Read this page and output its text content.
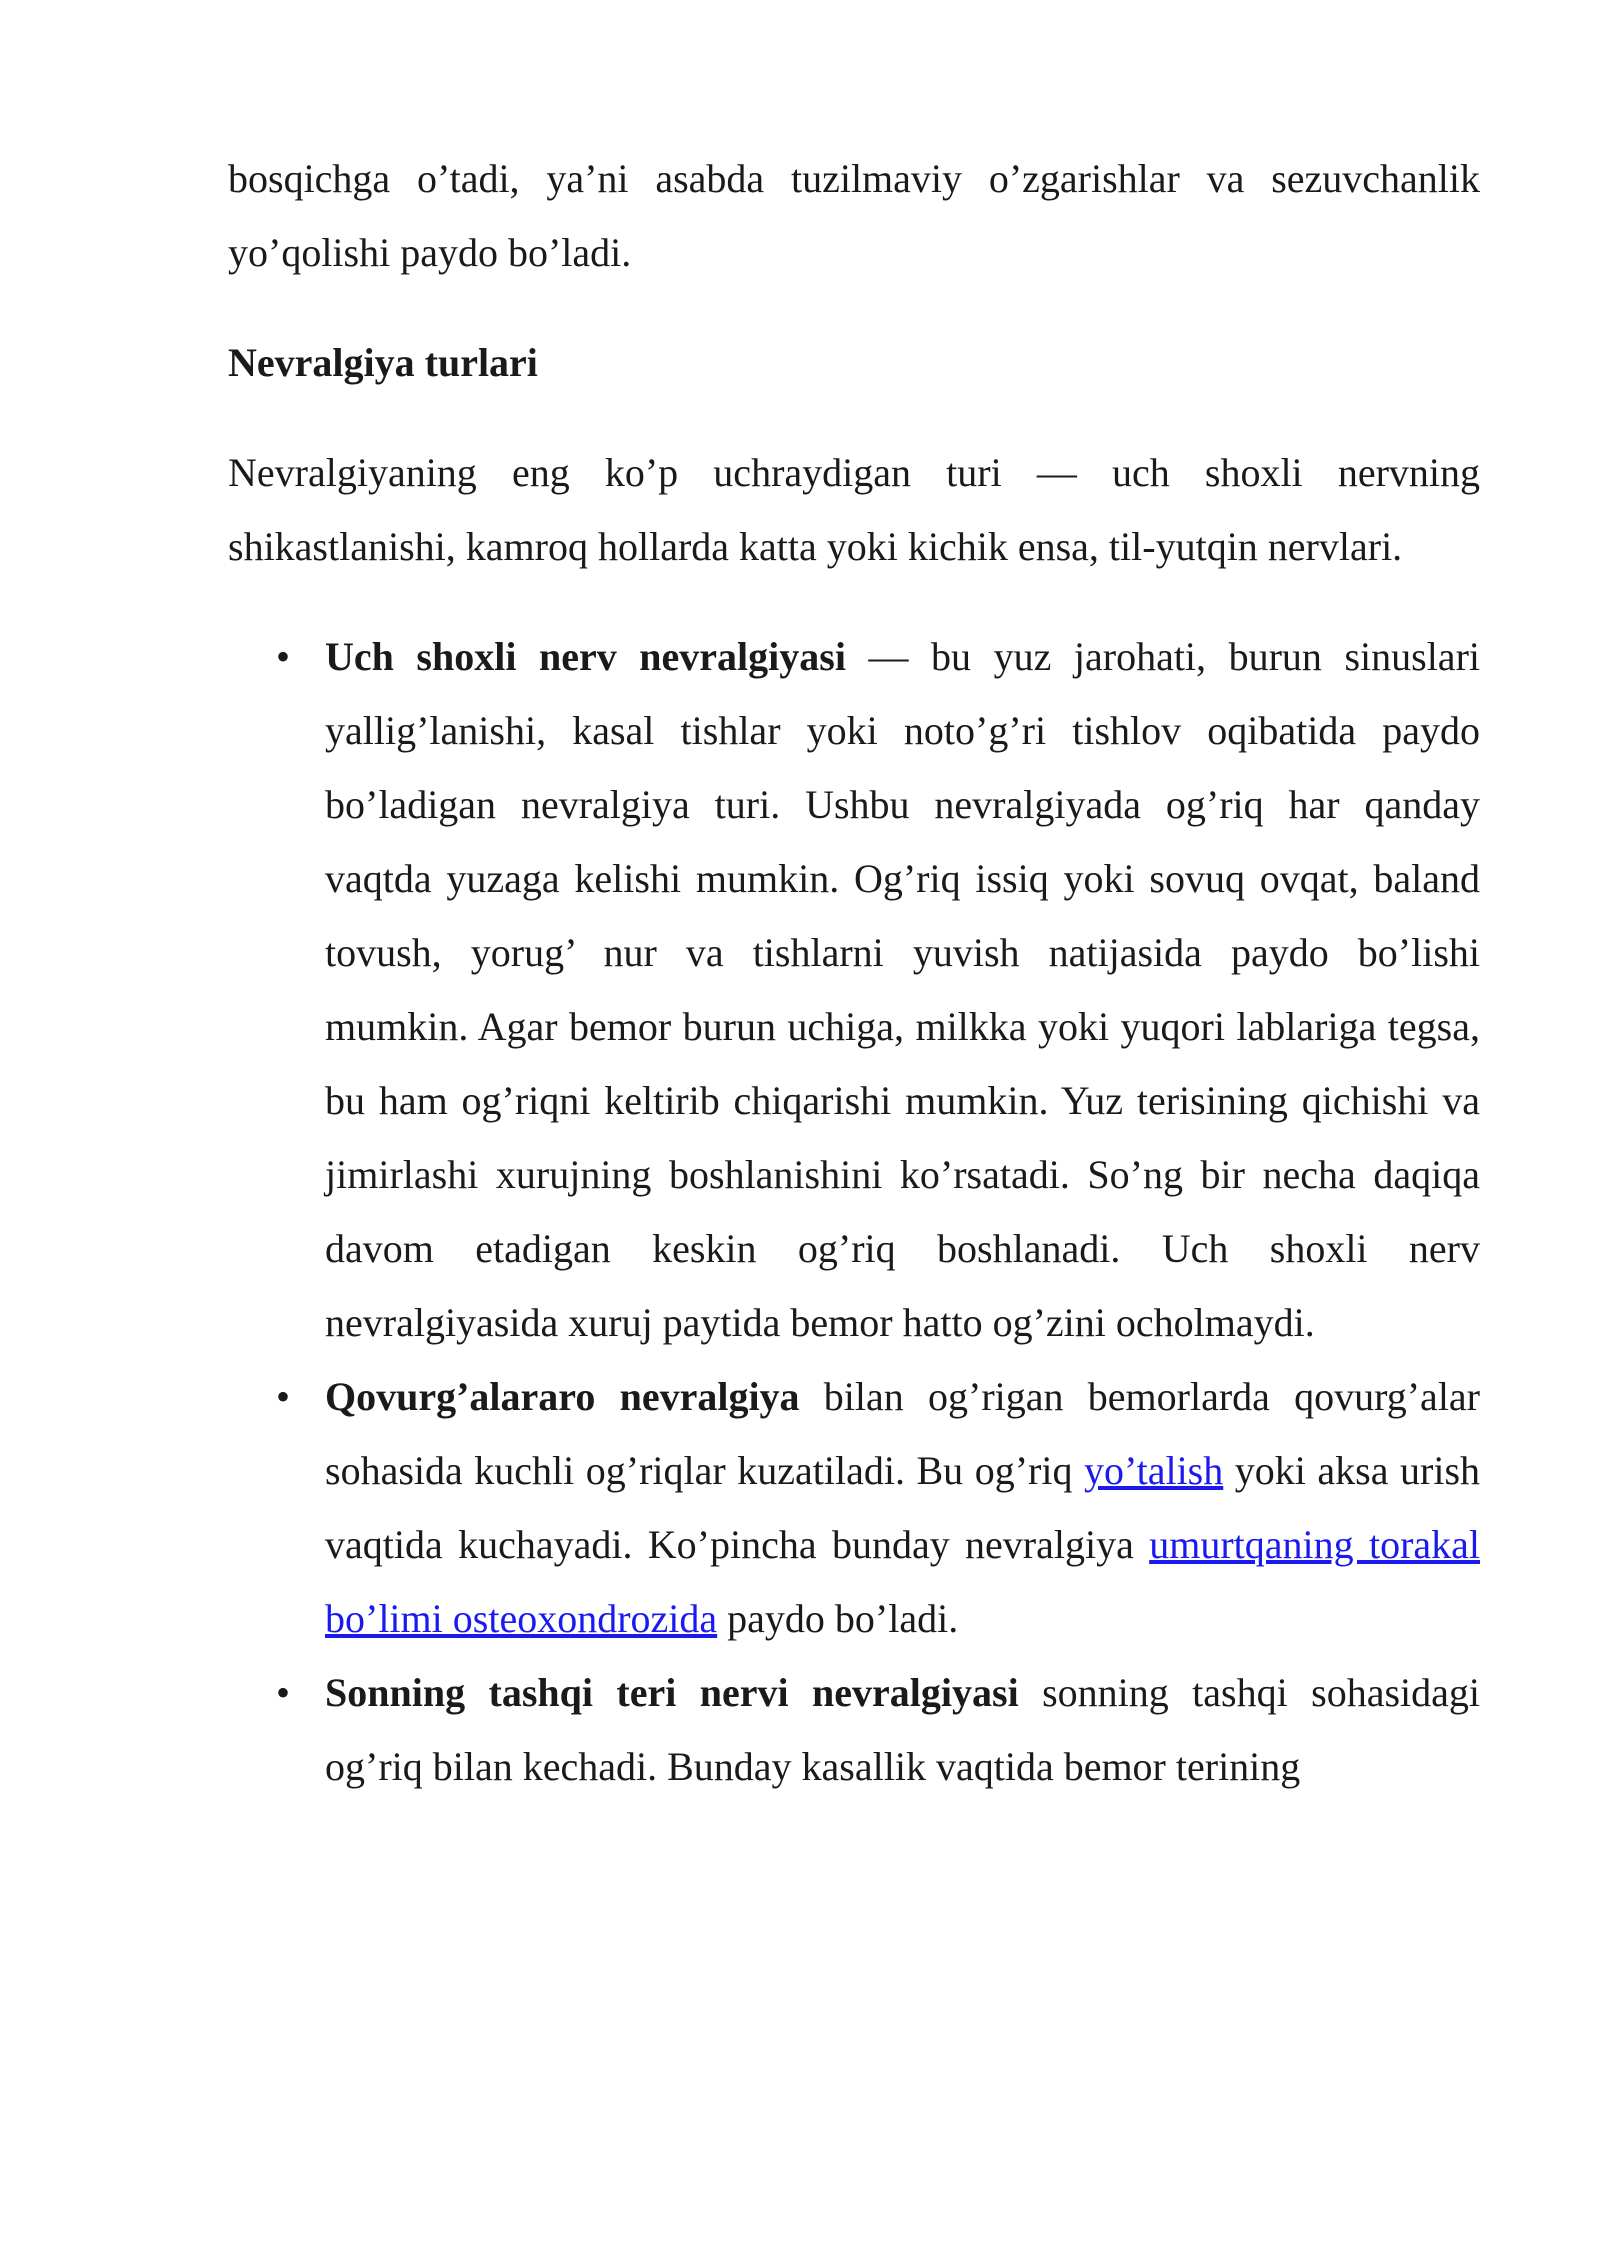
bosqichga o’tadi, ya’ni asabda tuzilmaviy o’zgarishlar va sezuvchanlik yo’qolishi paydo bo’ladi.

Nevralgiya turlari

Nevralgiyaning eng ko’p uchraydigan turi — uch shoxli nervning shikastlanishi, kamroq hollarda katta yoki kichik ensa, til-yutqin nervlari.

• Uch shoxli nerv nevralgiyasi — bu yuz jarohati, burun sinuslari yallig’lanishi, kasal tishlar yoki noto’g’ri tishlov oqibatida paydo bo’ladigan nevralgiya turi. Ushbu nevralgiyada og’riq har qanday vaqtda yuzaga kelishi mumkin. Og’riq issiq yoki sovuq ovqat, baland tovush, yorug’ nur va tishlarni yuvish natijasida paydo bo’lishi mumkin. Agar bemor burun uchiga, milkka yoki yuqori lablariga tegsa, bu ham og’riqni keltirib chiqarishi mumkin. Yuz terisining qichishi va jimirlashi xurujning boshlanishini ko’rsatadi. So’ng bir necha daqiqa davom etadigan keskin og’riq boshlanadi. Uch shoxli nerv nevralgiyasida xuruj paytida bemor hatto og’zini ocholmaydi.
• Qovurg’alararo nevralgiya bilan og’rigan bemorlarda qovurg’alar sohasida kuchli og’riqlar kuzatiladi. Bu og’riq yo’talish yoki aksa urish vaqtida kuchayadi. Ko’pincha bunday nevralgiya umurtqaning torakal bo’limi osteoxondrozida paydo bo’ladi.
• Sonning tashqi teri nervi nevralgiyasi sonning tashqi sohasidagi og’riq bilan kechadi. Bunday kasallik vaqtida bemor terining
